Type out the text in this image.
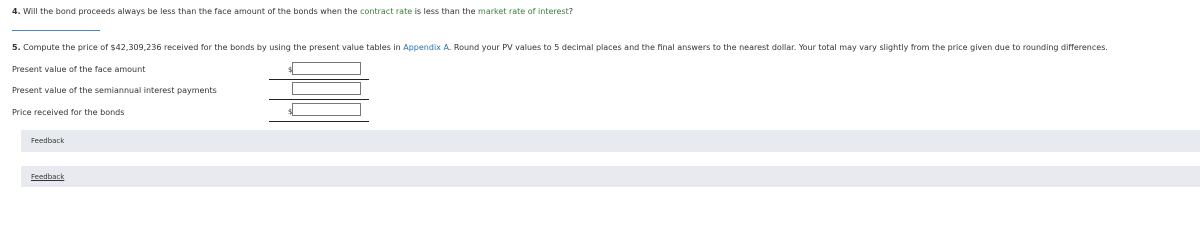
4. Will the bond proceeds always be less than the face amount of the bonds when the contract rate is less than the market rate of interest?
5. Compute the price of $42,309,236 received for the bonds by using the present value tables in Appendix A. Round your PV values to 5 decimal places and the final answers to the nearest dollar. Your total may vary slightly from the price given due to rounding differences.
Present value of the face amount	$
Present value of the semiannual interest payments
Price received for the bonds	$
Feedback
Feedback
